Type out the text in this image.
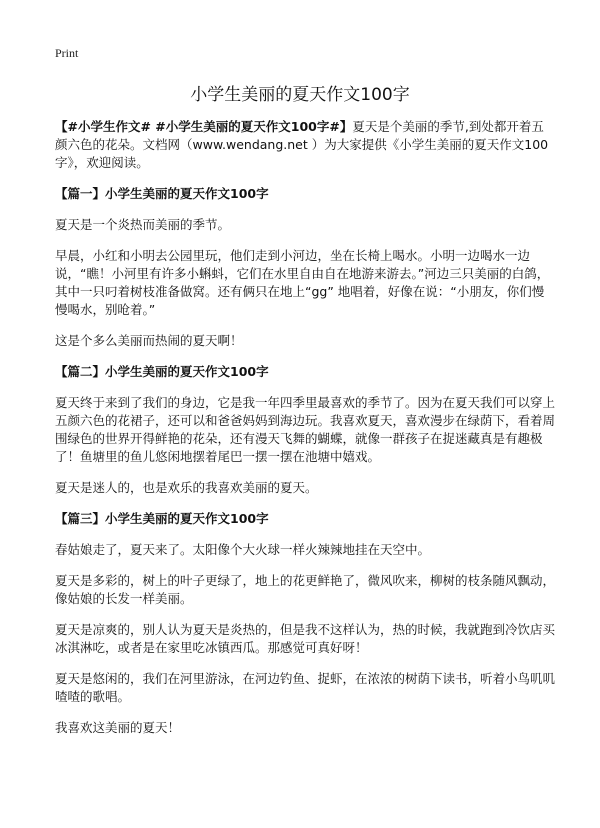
Print
小学生美丽的夏天作文100字

【#小学生作文# #小学生美丽的夏天作文100字#】夏天是个美丽的季节,到处都开着五颜六色的花朵。文档网（www.wendang.net ）为大家提供《小学生美丽的夏天作文100字》，欢迎阅读。

【篇一】小学生美丽的夏天作文100字

夏天是一个炎热而美丽的季节。

早晨，小红和小明去公园里玩，他们走到小河边，坐在长椅上喝水。小明一边喝水一边说，“瞧！小河里有许多小蝌蚪，它们在水里自由自在地游来游去。”河边三只美丽的白鸽，其中一只叼着树枝准备做窝。还有俩只在地上“gg” 地唱着，好像在说：“小朋友，你们慢慢喝水，别呛着。”

这是个多么美丽而热闹的夏天啊！

【篇二】小学生美丽的夏天作文100字

夏天终于来到了我们的身边，它是我一年四季里最喜欢的季节了。因为在夏天我们可以穿上五颜六色的花裙子，还可以和爸爸妈妈到海边玩。我喜欢夏天，喜欢漫步在绿荫下，看着周围绿色的世界开得鲜艳的花朵，还有漫天飞舞的蝴蝶，就像一群孩子在捉迷藏真是有趣极了！鱼塘里的鱼儿悠闲地摆着尾巴一摆一摆在池塘中嬉戏。

夏天是迷人的，也是欢乐的我喜欢美丽的夏天。

【篇三】小学生美丽的夏天作文100字

春姑娘走了，夏天来了。太阳像个大火球一样火辣辣地挂在天空中。

夏天是多彩的，树上的叶子更绿了，地上的花更鲜艳了，微风吹来，柳树的枝条随风飘动，像姑娘的长发一样美丽。

夏天是凉爽的，别人认为夏天是炎热的，但是我不这样认为，热的时候，我就跑到冷饮店买冰淇淋吃，或者是在家里吃冰镇西瓜。那感觉可真好呀！

夏天是悠闲的，我们在河里游泳，在河边钓鱼、捉虾，在浓浓的树荫下读书，听着小鸟叽叽喳喳的歌唱。

我喜欢这美丽的夏天！
